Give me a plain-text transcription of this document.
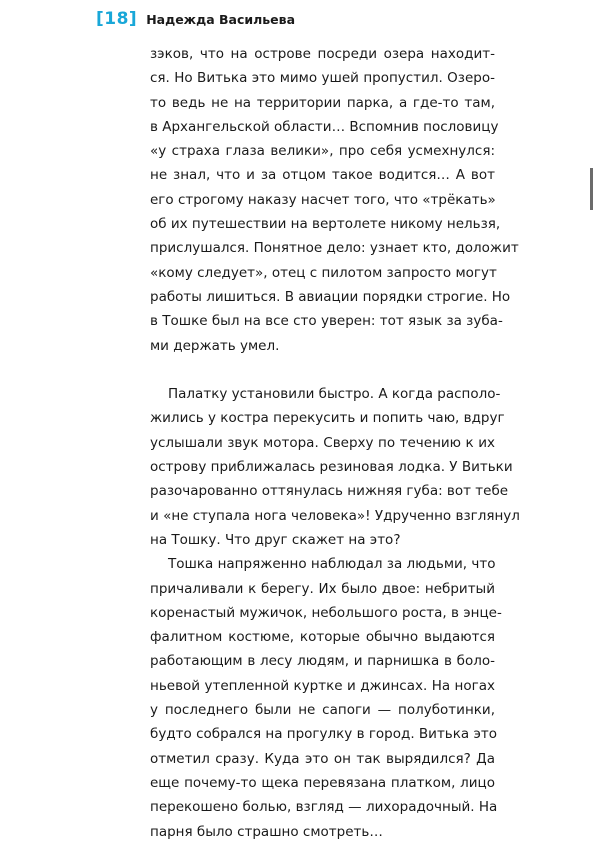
[18] Надежда Васильева
зэков, что на острове посреди озера находит-
ся. Но Витька это мимо ушей пропустил. Озеро-
то ведь не на территории парка, а где-то там,
в Архангельской области… Вспомнив пословицу
«у страха глаза велики», про себя усмехнулся:
не знал, что и за отцом такое водится… А вот
его строгому наказу насчет того, что «трёкать»
об их путешествии на вертолете никому нельзя,
прислушался. Понятное дело: узнает кто, доложит
«кому следует», отец с пилотом запросто могут
работы лишиться. В авиации порядки строгие. Но
в Тошке был на все сто уверен: тот язык за зуба-
ми держать умел.
Палатку установили быстро. А когда располо-
жились у костра перекусить и попить чаю, вдруг
услышали звук мотора. Сверху по течению к их
острову приближалась резиновая лодка. У Витьки
разочарованно оттянулась нижняя губа: вот тебе
и «не ступала нога человека»! Удрученно взглянул
на Тошку. Что друг скажет на это?
Тошка напряженно наблюдал за людьми, что
причаливали к берегу. Их было двое: небритый
коренастый мужичок, небольшого роста, в энце-
фалитном костюме, которые обычно выдаются
работающим в лесу людям, и парнишка в боло-
ньевой утепленной куртке и джинсах. На ногах
у последнего были не сапоги — полуботинки,
будто собрался на прогулку в город. Витька это
отметил сразу. Куда это он так вырядился? Да
еще почему-то щека перевязана платком, лицо
перекошено болью, взгляд — лихорадочный. На
парня было страшно смотреть…
